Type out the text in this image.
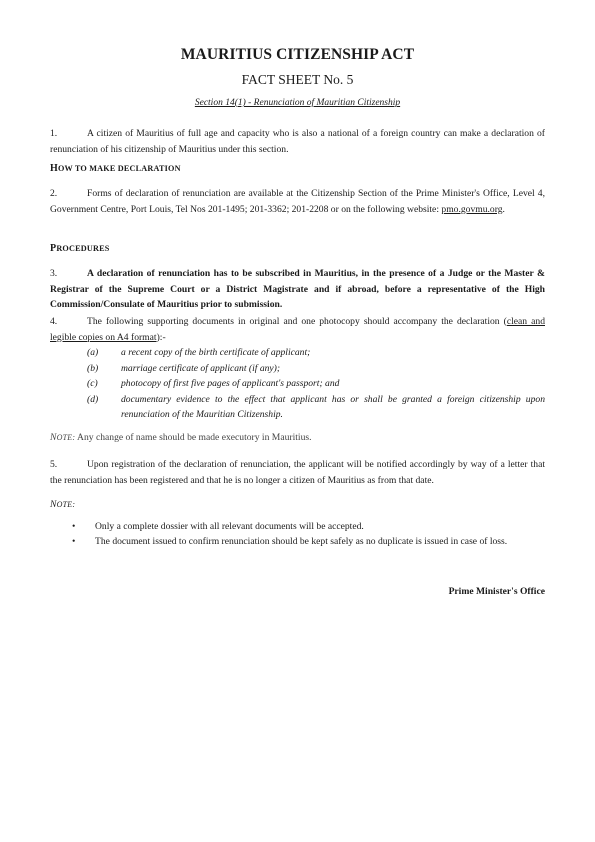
MAURITIUS CITIZENSHIP ACT
FACT SHEET No. 5
Section 14(1) - Renunciation of Mauritian Citizenship
1.	A citizen of Mauritius of full age and capacity who is also a national of a foreign country can make a declaration of renunciation of his citizenship of Mauritius under this section.
HOW TO MAKE DECLARATION
2.	Forms of declaration of renunciation are available at the Citizenship Section of the Prime Minister's Office, Level 4, Government Centre, Port Louis, Tel Nos 201-1495; 201-3362; 201-2208 or on the following website: pmo.govmu.org.
PROCEDURES
3.	A declaration of renunciation has to be subscribed in Mauritius, in the presence of a Judge or the Master & Registrar of the Supreme Court or a District Magistrate and if abroad, before a representative of the High Commission/Consulate of Mauritius prior to submission.
4.	The following supporting documents in original and one photocopy should accompany the declaration (clean and legible copies on A4 format):-
(a)	a recent copy of the birth certificate of applicant;
(b)	marriage certificate of applicant (if any);
(c)	photocopy of first five pages of applicant's passport; and
(d)	documentary evidence to the effect that applicant has or shall be granted a foreign citizenship upon renunciation of the Mauritian Citizenship.
NOTE: Any change of name should be made executory in Mauritius.
5.	Upon registration of the declaration of renunciation, the applicant will be notified accordingly by way of a letter that the renunciation has been registered and that he is no longer a citizen of Mauritius as from that date.
NOTE:
•	Only a complete dossier with all relevant documents will be accepted.
•	The document issued to confirm renunciation should be kept safely as no duplicate is issued in case of loss.
Prime Minister's Office
